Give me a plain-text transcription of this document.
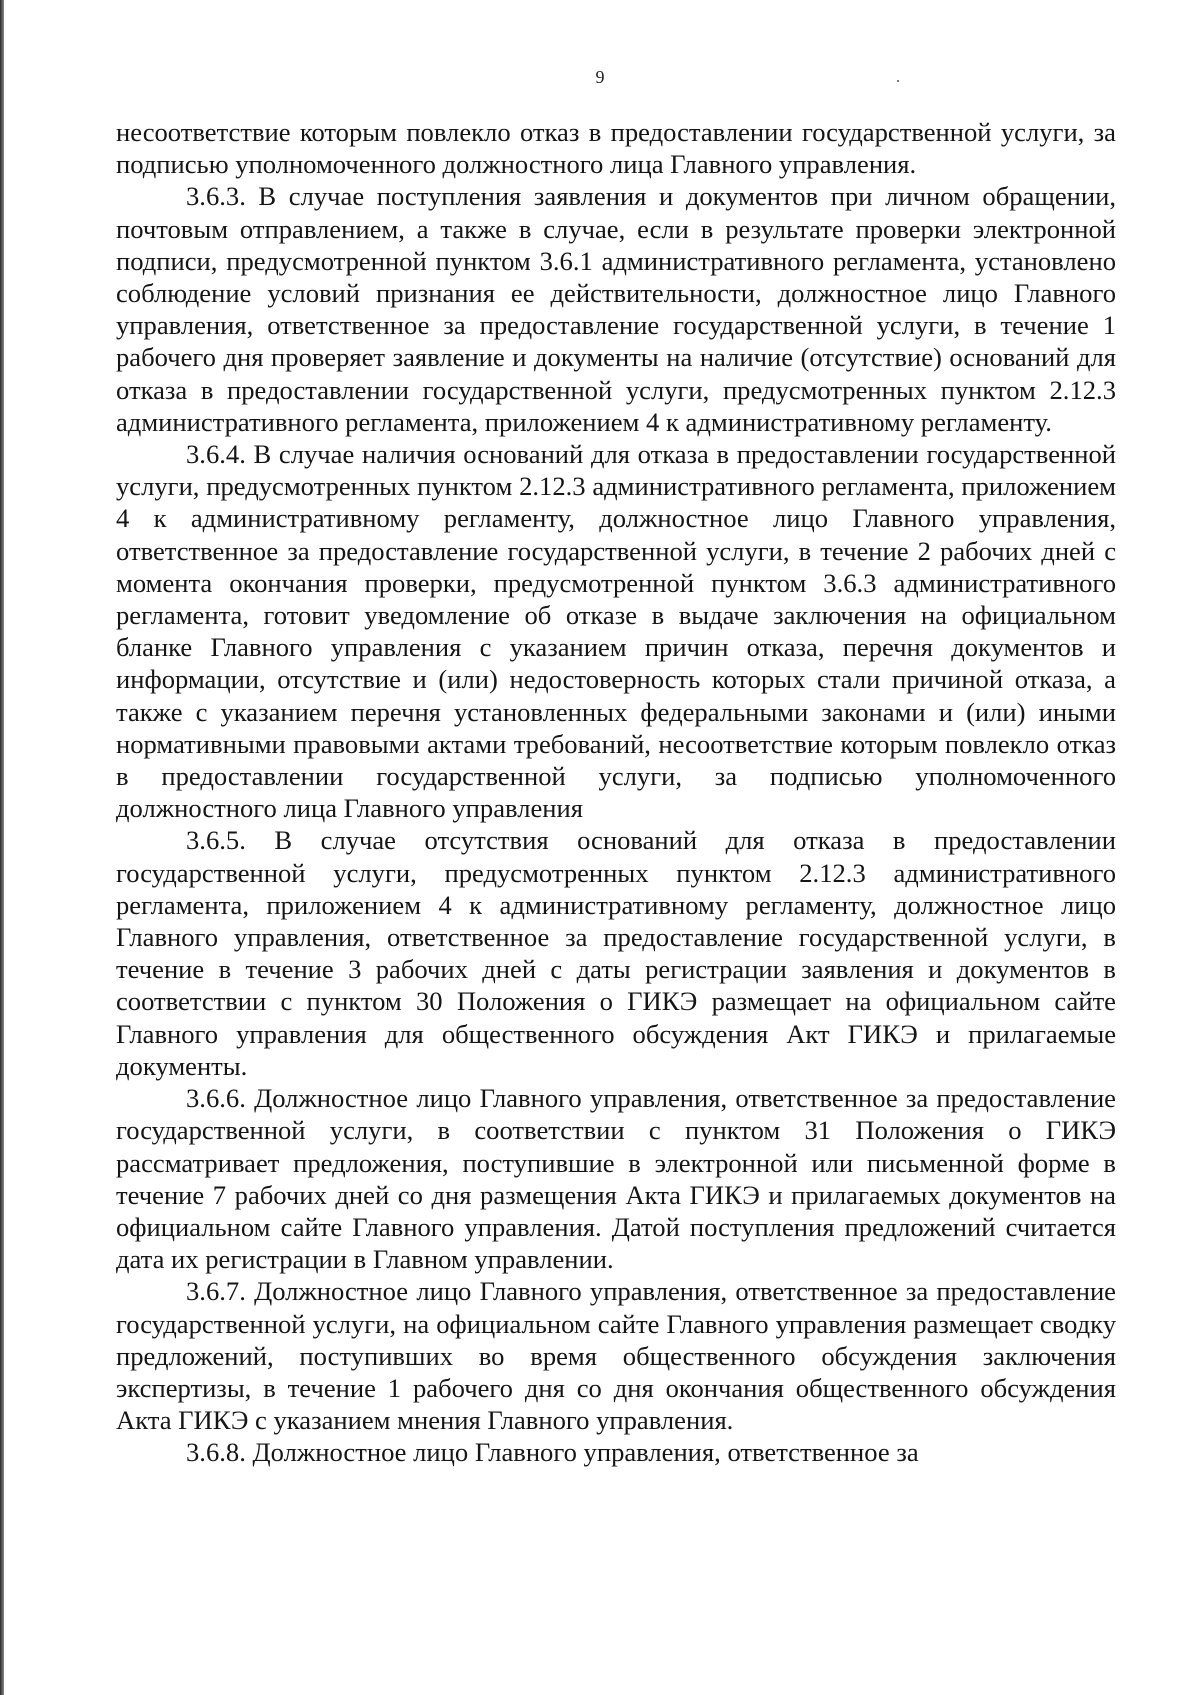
9

несоответствие которым повлекло отказ в предоставлении государственной услуги, за подписью уполномоченного должностного лица Главного управления.

3.6.3. В случае поступления заявления и документов при личном обращении, почтовым отправлением, а также в случае, если в результате проверки электронной подписи, предусмотренной пунктом 3.6.1 административного регламента, установлено соблюдение условий признания ее действительности, должностное лицо Главного управления, ответственное за предоставление государственной услуги, в течение 1 рабочего дня проверяет заявление и документы на наличие (отсутствие) оснований для отказа в предоставлении государственной услуги, предусмотренных пунктом 2.12.3 административного регламента, приложением 4 к административному регламенту.

3.6.4. В случае наличия оснований для отказа в предоставлении государственной услуги, предусмотренных пунктом 2.12.3 административного регламента, приложением 4 к административному регламенту, должностное лицо Главного управления, ответственное за предоставление государственной услуги, в течение 2 рабочих дней с момента окончания проверки, предусмотренной пунктом 3.6.3 административного регламента, готовит уведомление об отказе в выдаче заключения на официальном бланке Главного управления с указанием причин отказа, перечня документов и информации, отсутствие и (или) недостоверность которых стали причиной отказа, а также с указанием перечня установленных федеральными законами и (или) иными нормативными правовыми актами требований, несоответствие которым повлекло отказ в предоставлении государственной услуги, за подписью уполномоченного должностного лица Главного управления

3.6.5. В случае отсутствия оснований для отказа в предоставлении государственной услуги, предусмотренных пунктом 2.12.3 административного регламента, приложением 4 к административному регламенту, должностное лицо Главного управления, ответственное за предоставление государственной услуги, в течение в течение 3 рабочих дней с даты регистрации заявления и документов в соответствии с пунктом 30 Положения о ГИКЭ размещает на официальном сайте Главного управления для общественного обсуждения Акт ГИКЭ и прилагаемые документы.

3.6.6. Должностное лицо Главного управления, ответственное за предоставление государственной услуги, в соответствии с пунктом 31 Положения о ГИКЭ рассматривает предложения, поступившие в электронной или письменной форме в течение 7 рабочих дней со дня размещения Акта ГИКЭ и прилагаемых документов на официальном сайте Главного управления. Датой поступления предложений считается дата их регистрации в Главном управлении.

3.6.7. Должностное лицо Главного управления, ответственное за предоставление государственной услуги, на официальном сайте Главного управления размещает сводку предложений, поступивших во время общественного обсуждения заключения экспертизы, в течение 1 рабочего дня со дня окончания общественного обсуждения Акта ГИКЭ с указанием мнения Главного управления.

3.6.8. Должностное лицо Главного управления, ответственное за
